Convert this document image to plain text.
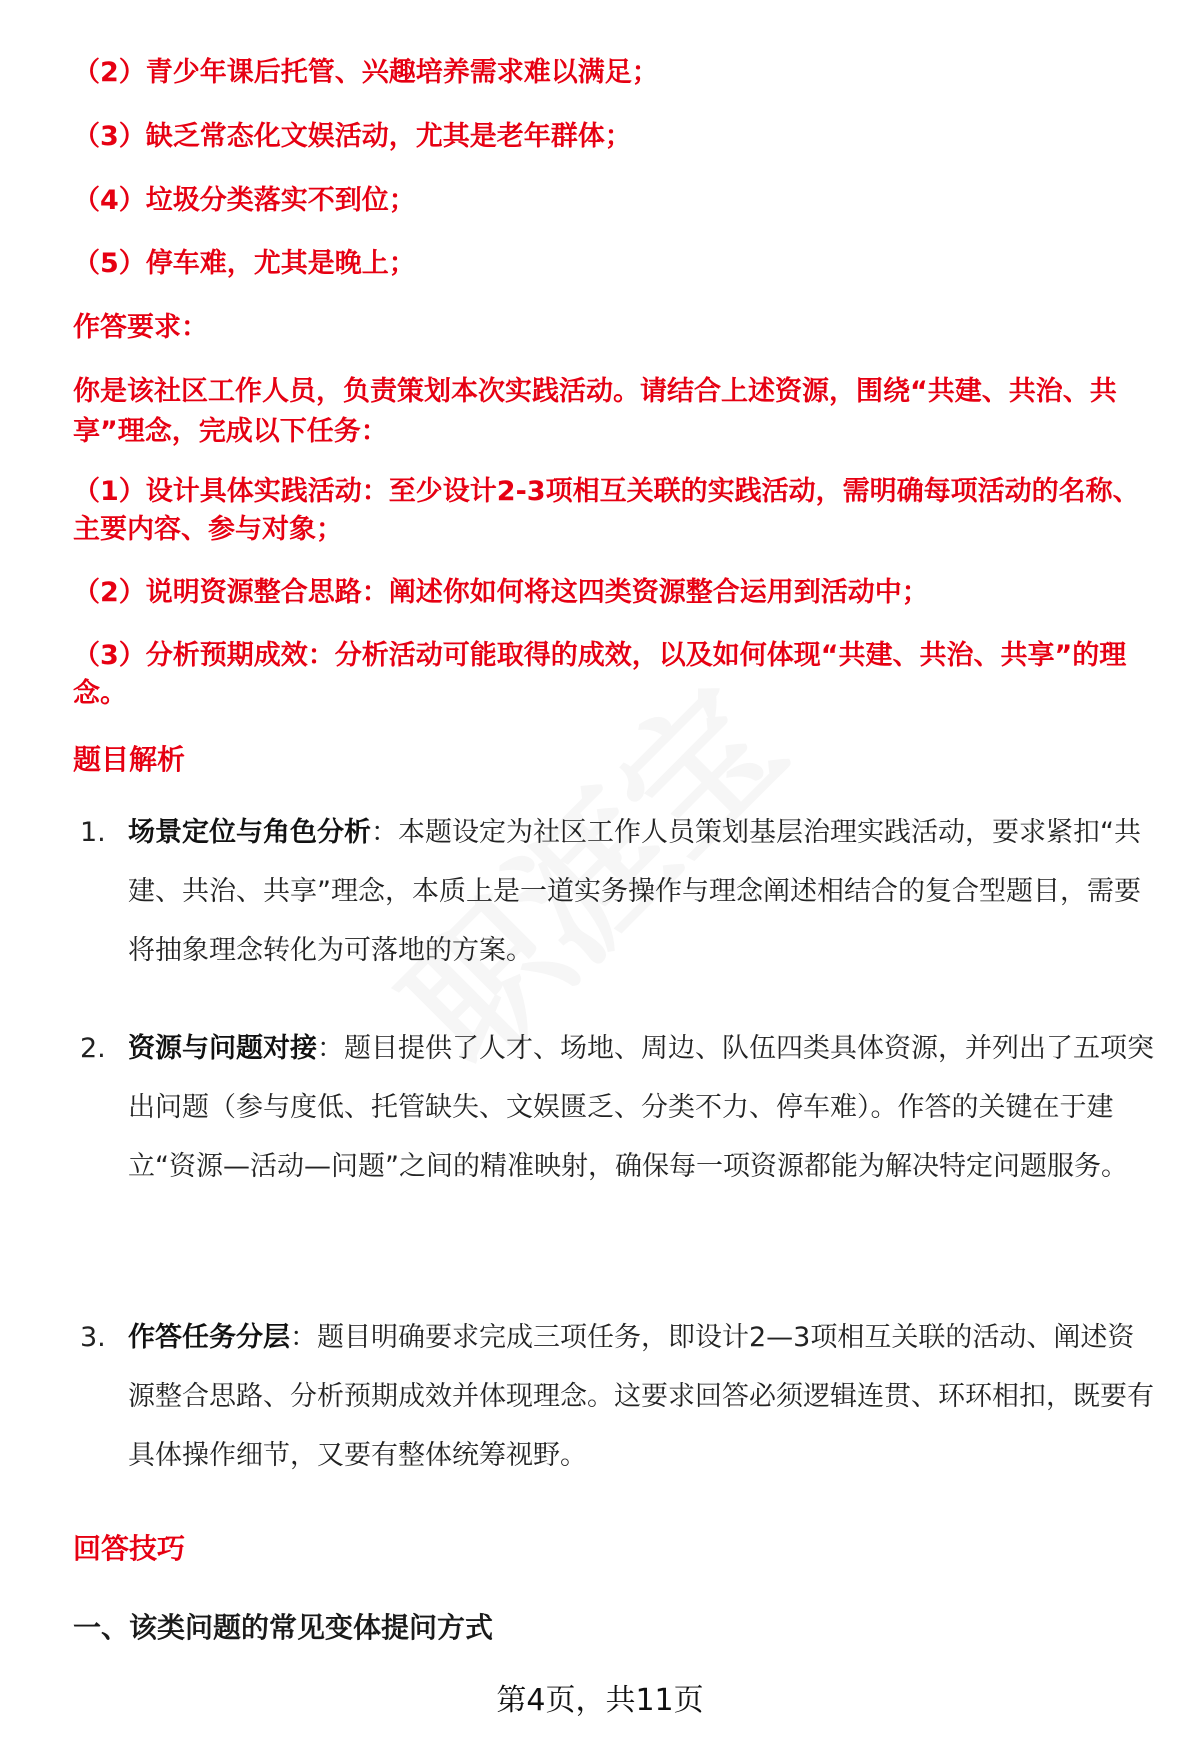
（2）青少年课后托管、兴趣培养需求难以满足；
（3）缺乏常态化文娱活动，尤其是老年群体；
（4）垃圾分类落实不到位；
（5）停车难，尤其是晚上；
作答要求：
你是该社区工作人员，负责策划本次实践活动。请结合上述资源，围绕“共建、共治、共享”理念，完成以下任务：
（1）设计具体实践活动：至少设计2-3项相互关联的实践活动，需明确每项活动的名称、主要内容、参与对象；
（2）说明资源整合思路：阐述你如何将这四类资源整合运用到活动中；
（3）分析预期成效：分析活动可能取得的成效，以及如何体现“共建、共治、共享”的理念。
题目解析
1. 场景定位与角色分析：本题设定为社区工作人员策划基层治理实践活动，要求紧扣“共建、共治、共享”理念，本质上是一道实务操作与理念阐述相结合的复合型题目，需要将抽象理念转化为可落地的方案。
2. 资源与问题对接：题目提供了人才、场地、周边、队伍四类具体资源，并列出了五项突出问题（参与度低、托管缺失、文娱匮乏、分类不力、停车难）。作答的关键在于建立“资源—活动—问题”之间的精准映射，确保每一项资源都能为解决特定问题服务。
3. 作答任务分层：题目明确要求完成三项任务，即设计2—3项相互关联的活动、阐述资源整合思路、分析预期成效并体现理念。这要求回答必须逻辑连贯、环环相扣，既要有具体操作细节，又要有整体统筹视野。
回答技巧
一、该类问题的常见变体提问方式
第4页，共11页
